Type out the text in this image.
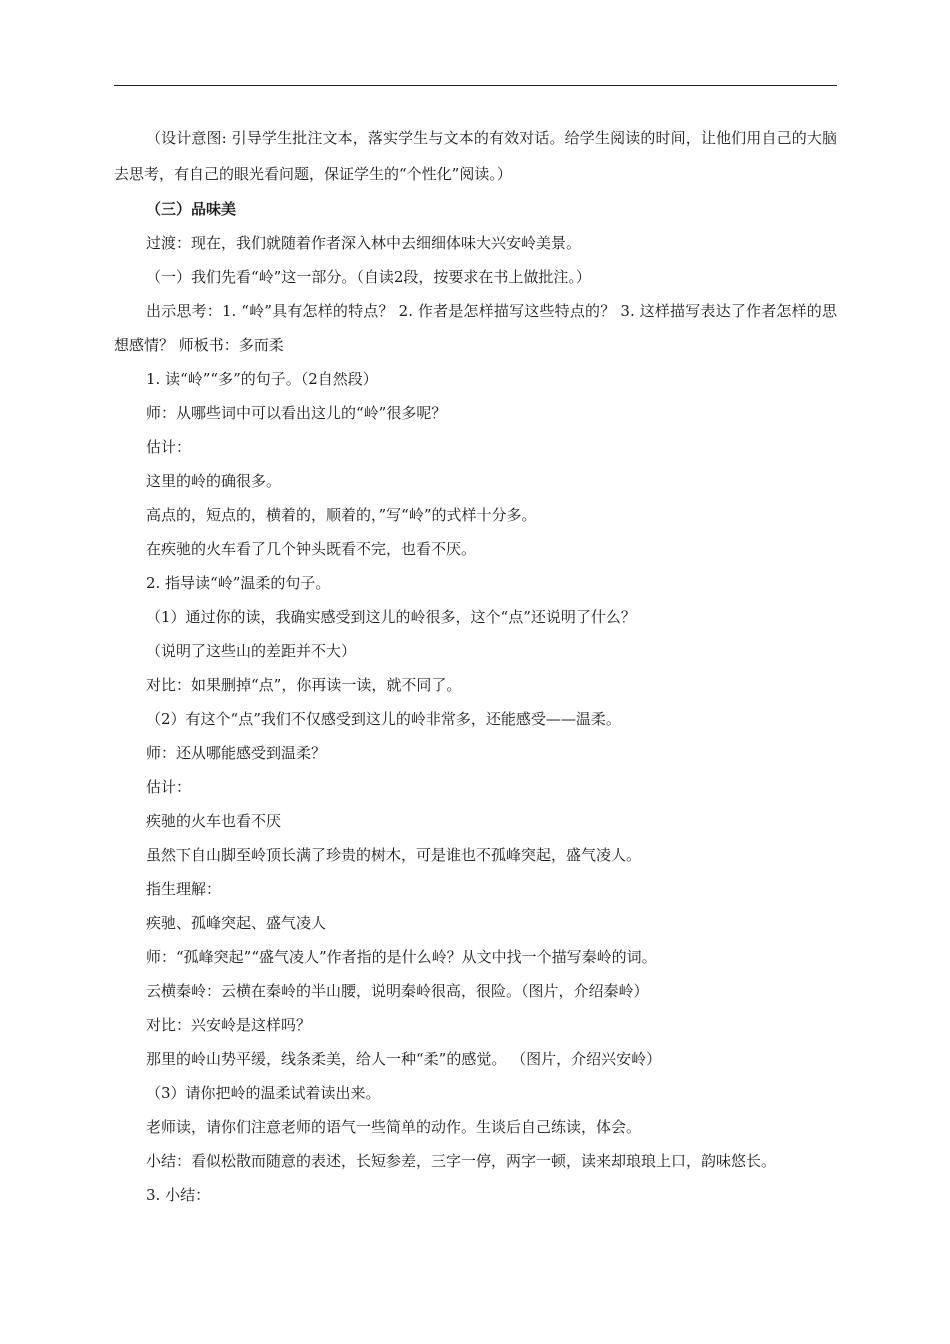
（设计意图: 引导学生批注文本，落实学生与文本的有效对话。给学生阅读的时间，让他们用自己的大脑去思考，有自己的眼光看问题，保证学生的“个性化”阅读。）
（三）品味美
过渡：现在，我们就随着作者深入林中去细细体味大兴安岭美景。
（一）我们先看“岭”这一部分。（自读2段，按要求在书上做批注。）
出示思考：1. “岭”具有怎样的特点？ 2. 作者是怎样描写这些特点的？ 3. 这样描写表达了作者怎样的思想感情？ 师板书：多而柔
1. 读“岭”“多”的句子。（2自然段）
师：从哪些词中可以看出这儿的“岭”很多呢？
估计：
这里的岭的确很多。
高点的，短点的，横着的，顺着的，”写“岭”的式样十分多。
在疾驰的火车看了几个钟头既看不完，也看不厌。
2. 指导读“岭”温柔的句子。
（1）通过你的读，我确实感受到这儿的岭很多，这个“点”还说明了什么？
（说明了这些山的差距并不大）
对比：如果删掉“点”，你再读一读，就不同了。
（2）有这个“点”我们不仅感受到这儿的岭非常多，还能感受——温柔。
师：还从哪能感受到温柔？
估计：
疾驰的火车也看不厌
虽然下自山脚至岭顶长满了珍贵的树木，可是谁也不孤峰突起，盛气凌人。
指生理解：
疾驰、孤峰突起、盛气凌人
师：“孤峰突起”“盛气凌人”作者指的是什么岭？从文中找一个描写秦岭的词。
云横秦岭：云横在秦岭的半山腰，说明秦岭很高，很险。（图片，介绍秦岭）
对比：兴安岭是这样吗？
那里的岭山势平缓，线条柔美，给人一种“柔”的感觉。 （图片，介绍兴安岭）
（3）请你把岭的温柔试着读出来。
老师读，请你们注意老师的语气一些简单的动作。生谈后自己练读，体会。
小结：看似松散而随意的表述，长短参差，三字一停，两字一顿，读来却琅琅上口，韵味悠长。
3. 小结：
